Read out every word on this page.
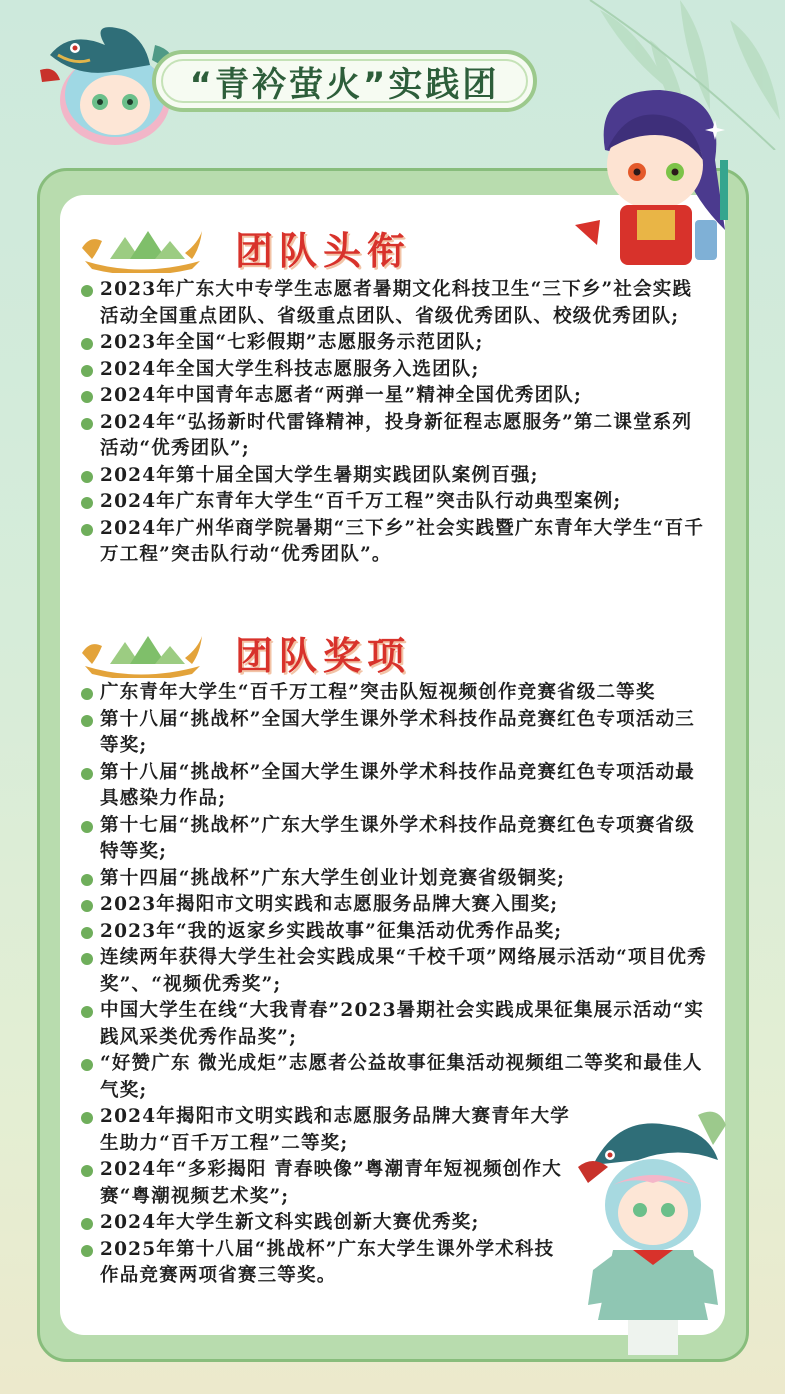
“青衿萤火”实践团
团队头衔
2023年广东大中专学生志愿者暑期文化科技卫生“三下乡”社会实践活动全国重点团队、省级重点团队、省级优秀团队、校级优秀团队;
2023年全国“七彩假期”志愿服务示范团队;
2024年全国大学生科技志愿服务入选团队;
2024年中国青年志愿者“两弹一星”精神全国优秀团队;
2024年“弘扬新时代雷锋精神，投身新征程志愿服务”第二课堂系列活动“优秀团队”;
2024年第十届全国大学生暑期实践团队案例百强;
2024年广东青年大学生“百千万工程”突击队行动典型案例;
2024年广州华商学院暑期“三下乡”社会实践暨广东青年大学生“百千万工程”突击队行动“优秀团队”。
团队奖项
广东青年大学生“百千万工程”突击队短视频创作竞赛省级二等奖
第十八届“挑战杯”全国大学生课外学术科技作品竞赛红色专项活动三等奖;
第十八届“挑战杯”全国大学生课外学术科技作品竞赛红色专项活动最具感染力作品;
第十七届“挑战杯”广东大学生课外学术科技作品竞赛红色专项赛省级特等奖;
第十四届“挑战杯”广东大学生创业计划竞赛省级铜奖;
2023年揭阳市文明实践和志愿服务品牌大赛入围奖;
2023年“我的返家乡实践故事”征集活动优秀作品奖;
连续两年获得大学生社会实践成果“千校千项”网络展示活动“项目优秀奖”、“视频优秀奖”;
中国大学生在线“大我青春”2023暑期社会实践成果征集展示活动“实践风采类优秀作品奖”;
“好赞广东 微光成炬”志愿者公益故事征集活动视频组二等奖和最佳人气奖;
2024年揭阳市文明实践和志愿服务品牌大赛青年大学生助力“百千万工程”二等奖;
2024年“多彩揭阳 青春映像”粤潮青年短视频创作大赛“粤潮视频艺术奖”;
2024年大学生新文科实践创新大赛优秀奖;
2025年第十八届“挑战杯”广东大学生课外学术科技作品竞赛两项省赛三等奖。
